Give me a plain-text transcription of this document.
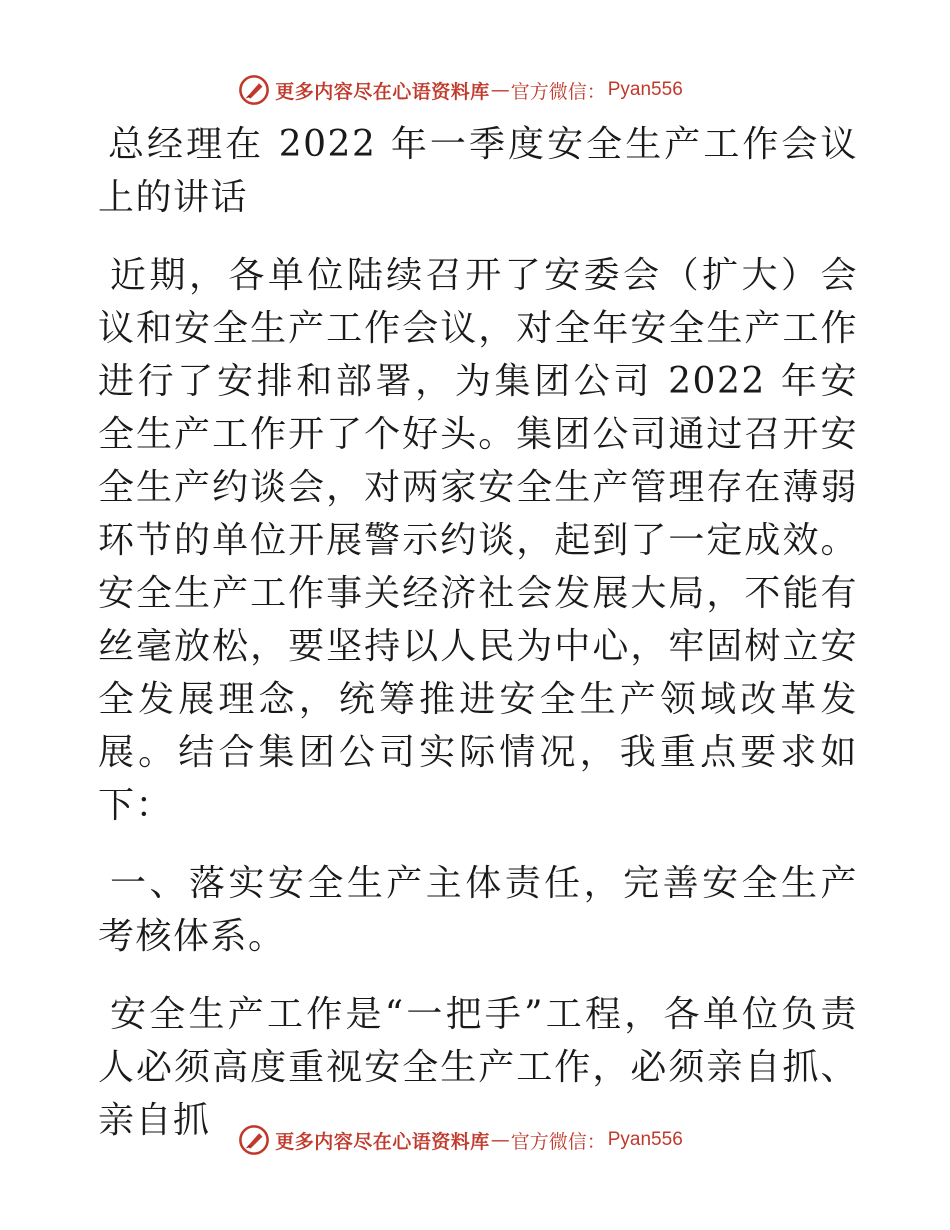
更多内容尽在心语资料库 — 官方微信： Pyan556

总经理在 2022 年一季度安全生产工作会议上的讲话

近期，各单位陆续召开了安委会（扩大）会议和安全生产工作会议，对全年安全生产工作进行了安排和部署，为集团公司 2022 年安全生产工作开了个好头。集团公司通过召开安全生产约谈会，对两家安全生产管理存在薄弱环节的单位开展警示约谈，起到了一定成效。安全生产工作事关经济社会发展大局，不能有丝毫放松，要坚持以人民为中心，牢固树立安全发展理念，统筹推进安全生产领域改革发展。结合集团公司实际情况，我重点要求如下：

一、落实安全生产主体责任，完善安全生产考核体系。

安全生产工作是“一把手”工程，各单位负责人必须高度重视安全生产工作，必须亲自抓、亲自抓

更多内容尽在心语资料库 — 官方微信： Pyan556
